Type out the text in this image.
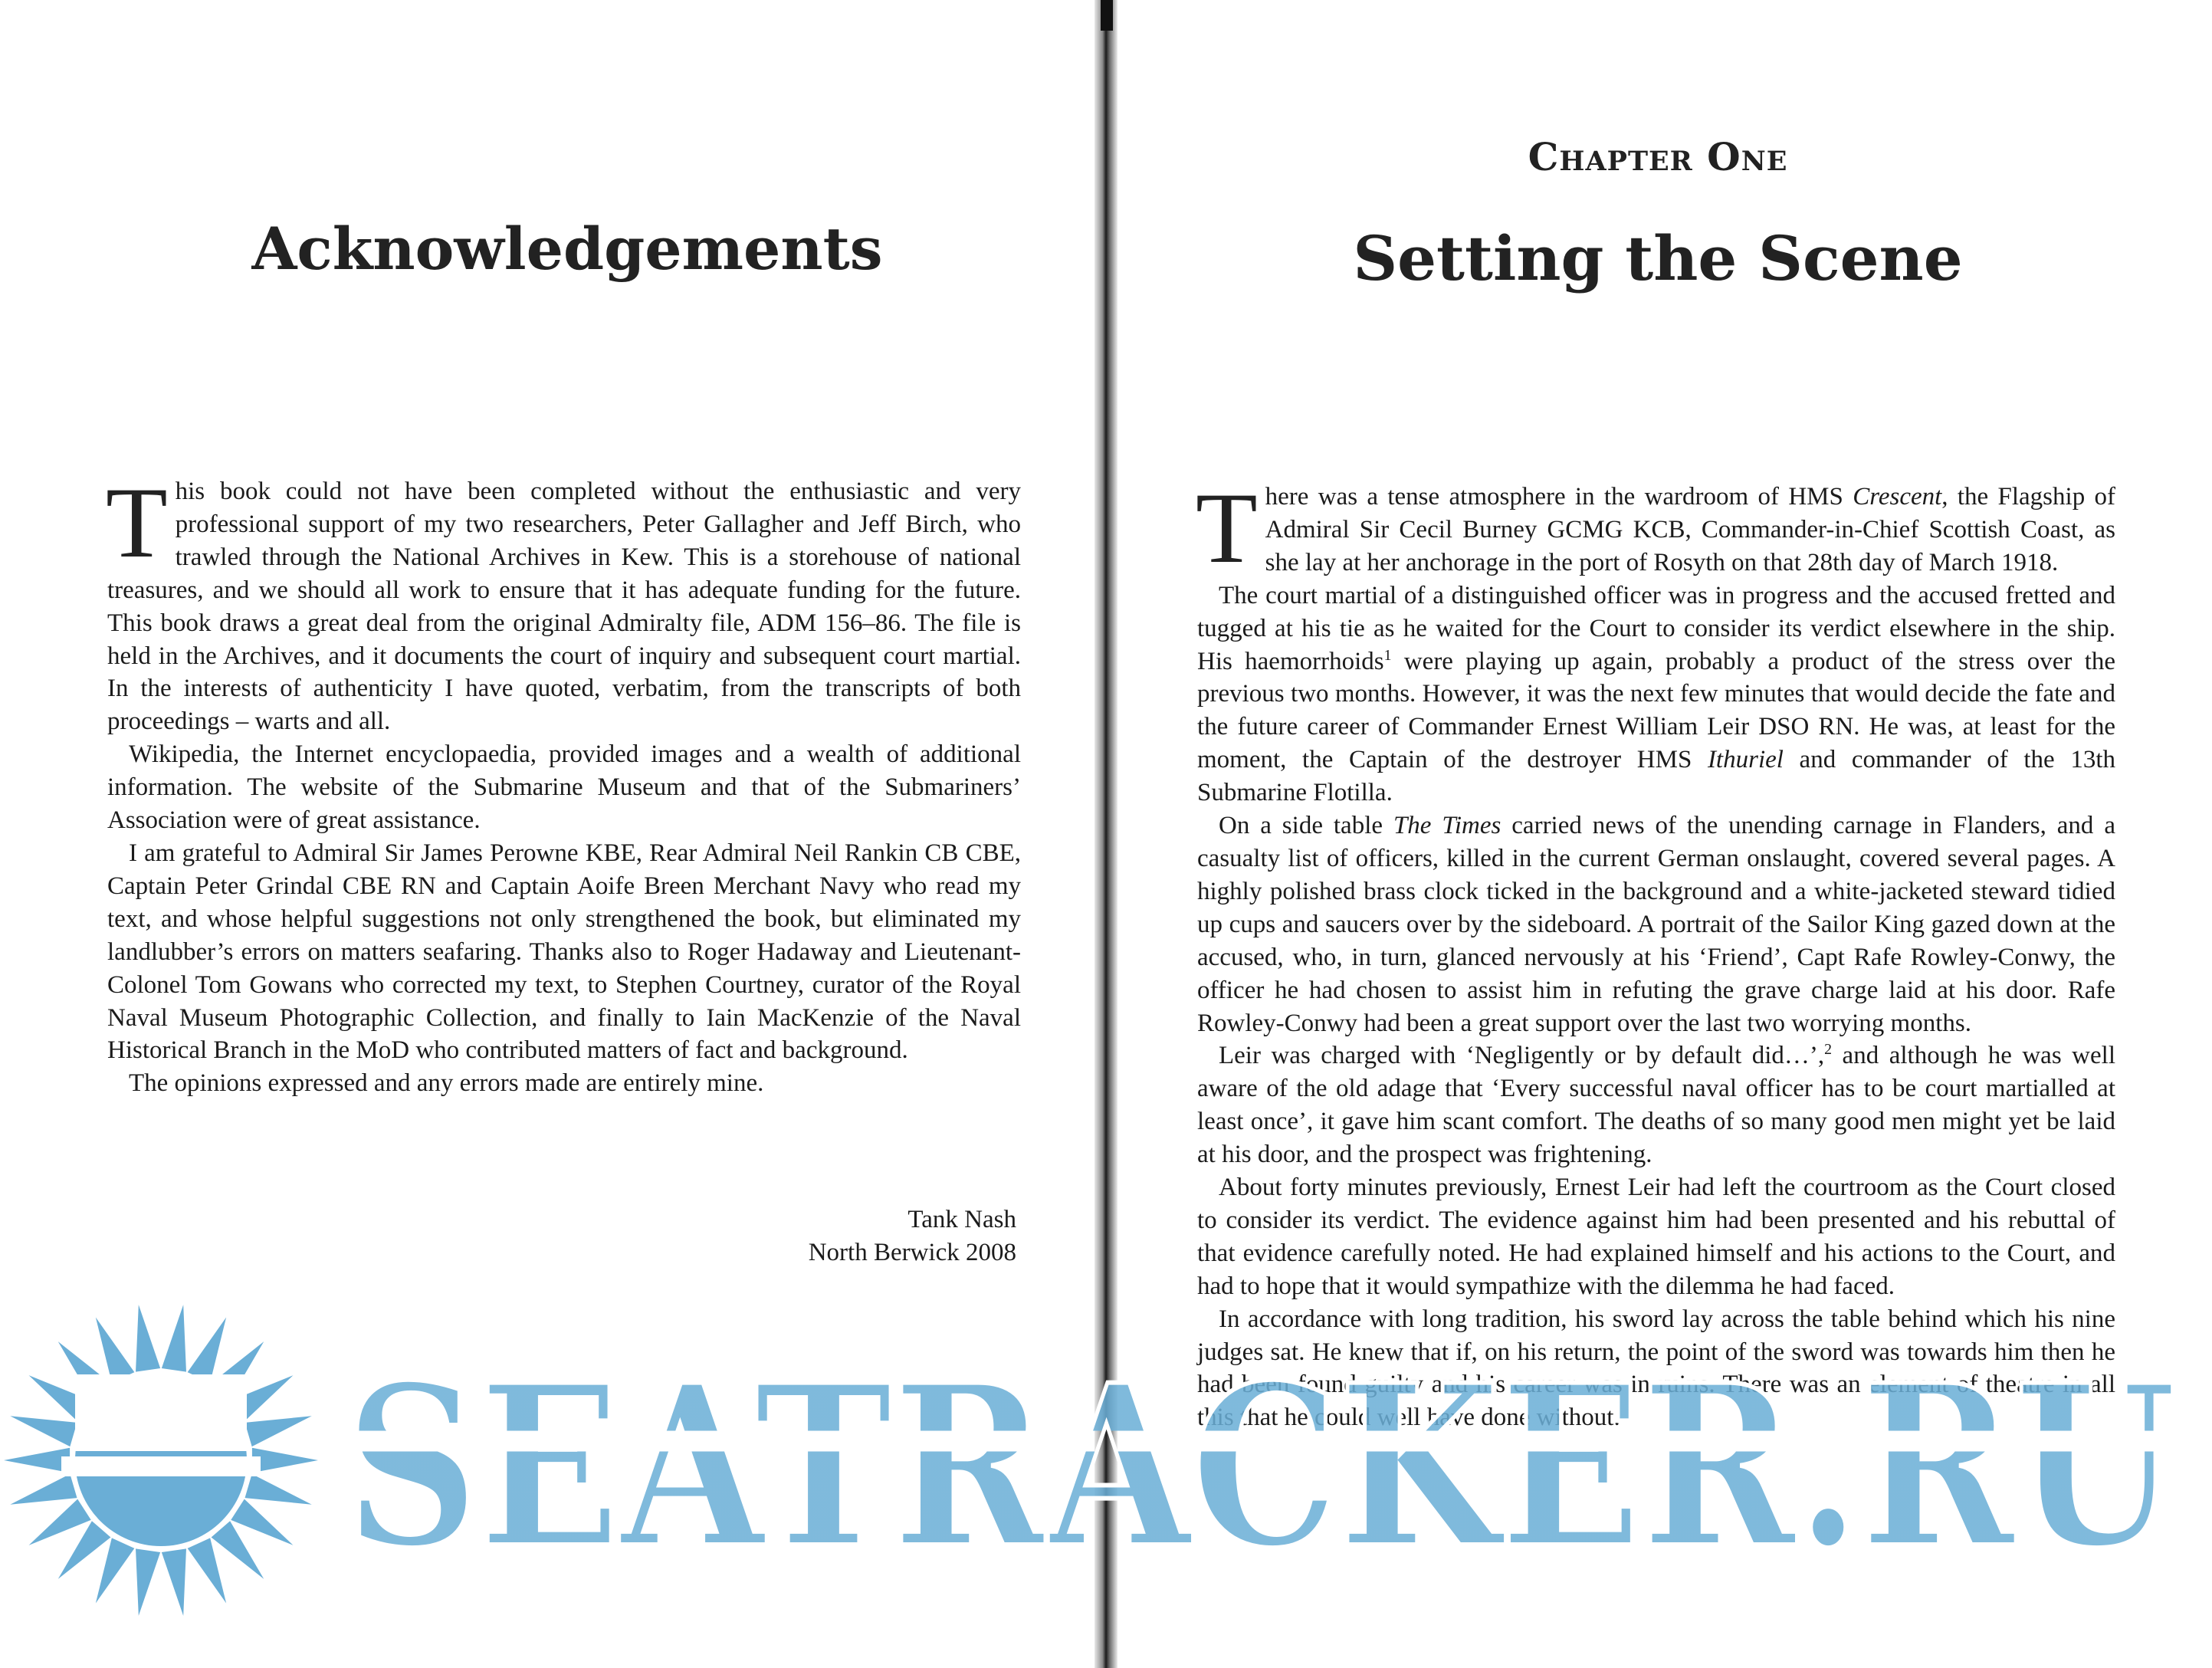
Acknowledgements

This book could not have been completed without the enthusiastic and very professional support of my two researchers, Peter Gallagher and Jeff Birch, who trawled through the National Archives in Kew. This is a storehouse of national treasures, and we should all work to ensure that it has adequate funding for the future. This book draws a great deal from the original Admiralty file, ADM 156–86. The file is held in the Archives, and it documents the court of inquiry and subsequent court martial. In the interests of authenticity I have quoted, verbatim, from the transcripts of both proceedings – warts and all.

Wikipedia, the Internet encyclopaedia, provided images and a wealth of additional information. The website of the Submarine Museum and that of the Submariners’ Association were of great assistance.

I am grateful to Admiral Sir James Perowne KBE, Rear Admiral Neil Rankin CB CBE, Captain Peter Grindal CBE RN and Captain Aoife Breen Merchant Navy who read my text, and whose helpful suggestions not only strengthened the book, but eliminated my landlubber’s errors on matters seafaring. Thanks also to Roger Hadaway and Lieutenant-Colonel Tom Gowans who corrected my text, to Stephen Courtney, curator of the Royal Naval Museum Photographic Collection, and finally to Iain MacKenzie of the Naval Historical Branch in the MoD who contributed matters of fact and background.

The opinions expressed and any errors made are entirely mine.

Tank Nash
North Berwick 2008
Chapter One
Setting the Scene

There was a tense atmosphere in the wardroom of HMS Crescent, the Flagship of Admiral Sir Cecil Burney GCMG KCB, Commander-in-Chief Scottish Coast, as she lay at her anchorage in the port of Rosyth on that 28th day of March 1918.

The court martial of a distinguished officer was in progress and the accused fretted and tugged at his tie as he waited for the Court to consider its verdict elsewhere in the ship. His haemorrhoids$^1$ were playing up again, probably a product of the stress over the previous two months. However, it was the next few minutes that would decide the fate and the future career of Commander Ernest William Leir DSO RN. He was, at least for the moment, the Captain of the destroyer HMS Ithuriel and commander of the 13th Submarine Flotilla.

On a side table The Times carried news of the unending carnage in Flanders, and a casualty list of officers, killed in the current German onslaught, covered several pages. A highly polished brass clock ticked in the background and a white-jacketed steward tidied up cups and saucers over by the sideboard. A portrait of the Sailor King gazed down at the accused, who, in turn, glanced nervously at his ‘Friend’, Capt Rafe Rowley-Conwy, the officer he had chosen to assist him in refuting the grave charge laid at his door. Rafe Rowley-Conwy had been a great support over the last two worrying months.

Leir was charged with ‘Negligently or by default did…’,$^2$ and although he was well aware of the old adage that ‘Every successful naval officer has to be court martialled at least once’, it gave him scant comfort. The deaths of so many good men might yet be laid at his door, and the prospect was frightening.

About forty minutes previously, Ernest Leir had left the courtroom as the Court closed to consider its verdict. The evidence against him had been presented and his rebuttal of that evidence carefully noted. He had explained himself and his actions to the Court, and had to hope that it would sympathize with the dilemma he had faced.

In accordance with long tradition, his sword lay across the table behind which his nine judges sat. He knew that if, on his return, the point of the sword was towards him then he had been found guilty and his career was in ruins. There was an element of theatre in all this that he could well have done without.

SEATRACKER.RU
